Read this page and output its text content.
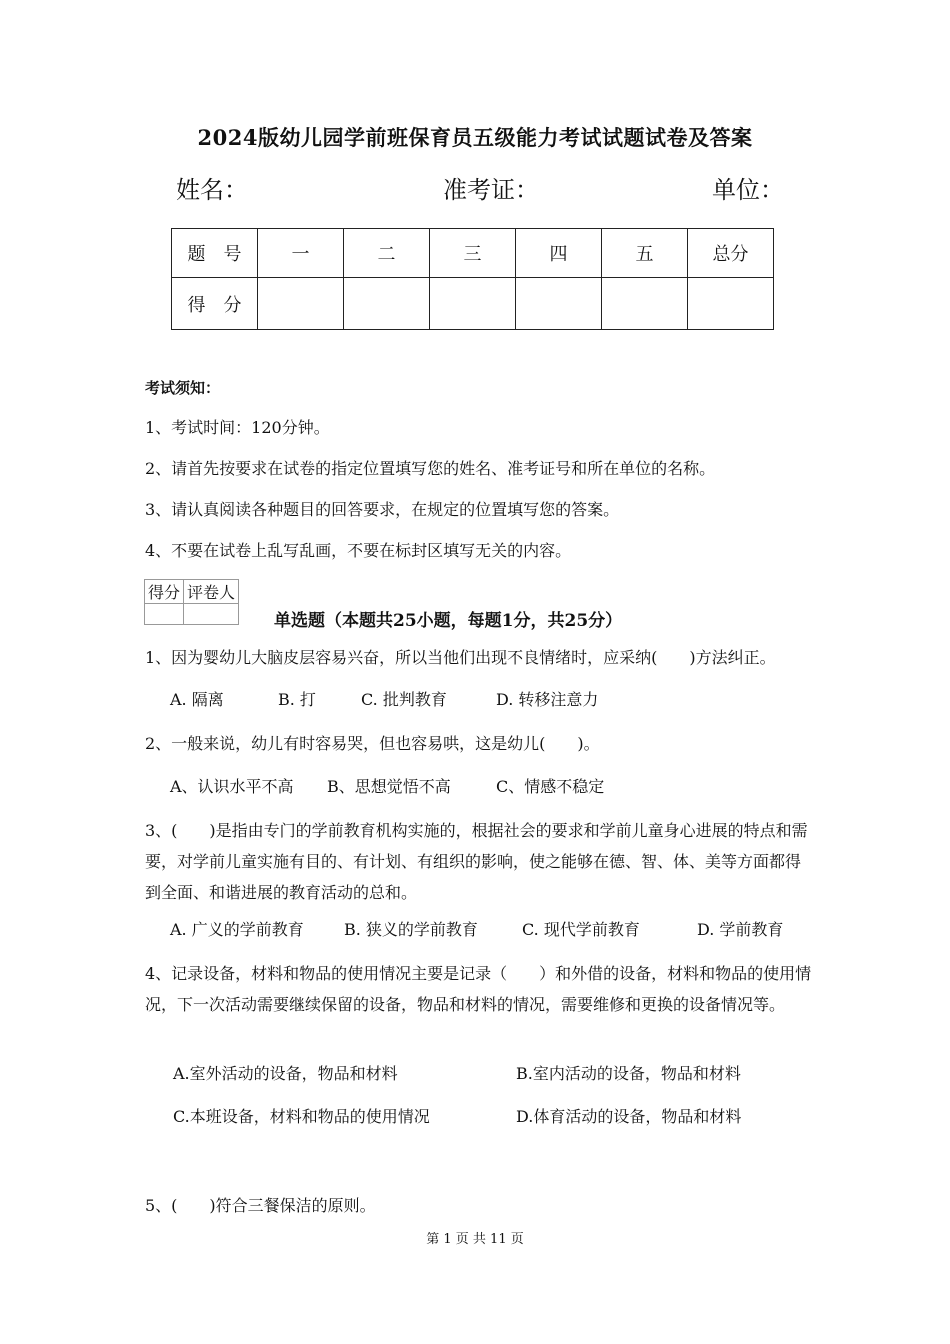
2024版幼儿园学前班保育员五级能力考试试题试卷及答案
姓名：	准考证：	单位：
题　号	一	二	三	四	五	总分
得　分						
考试须知：
1、考试时间：120分钟。
2、请首先按要求在试卷的指定位置填写您的姓名、准考证号和所在单位的名称。
3、请认真阅读各种题目的回答要求，在规定的位置填写您的答案。
4、不要在试卷上乱写乱画，不要在标封区填写无关的内容。
得分	评卷人

单选题（本题共25小题，每题1分，共25分）
1、因为婴幼儿大脑皮层容易兴奋，所以当他们出现不良情绪时，应采纳(　　)方法纠正。
A. 隔离	B. 打	C. 批判教育	D. 转移注意力
2、一般来说，幼儿有时容易哭，但也容易哄，这是幼儿(　　)。
A、认识水平不高 B、思想觉悟不高	C、情感不稳定
3、(　　)是指由专门的学前教育机构实施的，根据社会的要求和学前儿童身心进展的特点和需要，对学前儿童实施有目的、有计划、有组织的影响，使之能够在德、智、体、美等方面都得到全面、和谐进展的教育活动的总和。
A. 广义的学前教育	B. 狭义的学前教育	C. 现代学前教育	D. 学前教育
4、记录设备，材料和物品的使用情况主要是记录（　　）和外借的设备，材料和物品的使用情况，下一次活动需要继续保留的设备，物品和材料的情况，需要维修和更换的设备情况等。
A.室外活动的设备，物品和材料	B.室内活动的设备，物品和材料
C.本班设备，材料和物品的使用情况	D.体育活动的设备，物品和材料
5、(　　)符合三餐保洁的原则。
第 1 页 共 11 页
